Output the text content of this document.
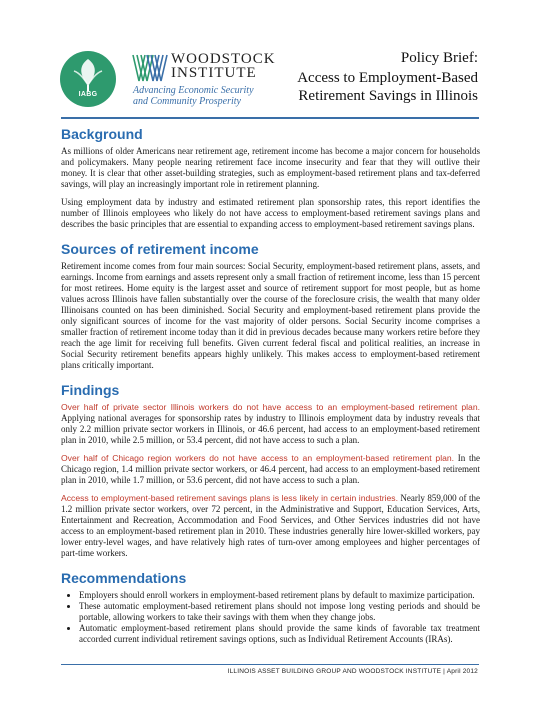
IABG
WOODSTOCK
INSTITUTE
Advancing Economic Security
and Community Prosperity
Policy Brief:
Access to Employment-Based
Retirement Savings in Illinois
Background

As millions of older Americans near retirement age, retirement income has become a major concern for households and policymakers. Many people nearing retirement face income insecurity and fear that they will outlive their money. It is clear that other asset-building strategies, such as employment-based retirement plans and tax-deferred savings, will play an increasingly important role in retirement planning.

Using employment data by industry and estimated retirement plan sponsorship rates, this report identifies the number of Illinois employees who likely do not have access to employment-based retirement savings plans and describes the basic principles that are essential to expanding access to employment-based retirement savings plans.

Sources of retirement income

Retirement income comes from four main sources: Social Security, employment-based retirement plans, assets, and earnings. Income from earnings and assets represent only a small fraction of retirement income, less than 15 percent for most retirees. Home equity is the largest asset and source of retirement support for most people, but as home values across Illinois have fallen substantially over the course of the foreclosure crisis, the wealth that many older Illinoisans counted on has been diminished. Social Security and employment-based retirement plans provide the only significant sources of income for the vast majority of older persons. Social Security income comprises a smaller fraction of retirement income today than it did in previous decades because many workers retire before they reach the age limit for receiving full benefits. Given current federal fiscal and political realities, an increase in Social Security retirement benefits appears highly unlikely. This makes access to employment-based retirement plans critically important.

Findings

Over half of private sector Illinois workers do not have access to an employment-based retirement plan. Applying national averages for sponsorship rates by industry to Illinois employment data by industry reveals that only 2.2 million private sector workers in Illinois, or 46.6 percent, had access to an employment-based retirement plan in 2010, while 2.5 million, or 53.4 percent, did not have access to such a plan.

Over half of Chicago region workers do not have access to an employment-based retirement plan. In the Chicago region, 1.4 million private sector workers, or 46.4 percent, had access to an employment-based retirement plan in 2010, while 1.7 million, or 53.6 percent, did not have access to such a plan.

Access to employment-based retirement savings plans is less likely in certain industries. Nearly 859,000 of the 1.2 million private sector workers, over 72 percent, in the Administrative and Support, Education Services, Arts, Entertainment and Recreation, Accommodation and Food Services, and Other Services industries did not have access to an employment-based retirement plan in 2010. These industries generally hire lower-skilled workers, pay lower entry-level wages, and have relatively high rates of turn-over among employees and higher percentages of part-time workers.

Recommendations
• Employers should enroll workers in employment-based retirement plans by default to maximize participation.
• These automatic employment-based retirement plans should not impose long vesting periods and should be portable, allowing workers to take their savings with them when they change jobs.
• Automatic employment-based retirement plans should provide the same kinds of favorable tax treatment accorded current individual retirement savings options, such as Individual Retirement Accounts (IRAs).
ILLINOIS ASSET BUILDING GROUP AND WOODSTOCK INSTITUTE | April 2012
